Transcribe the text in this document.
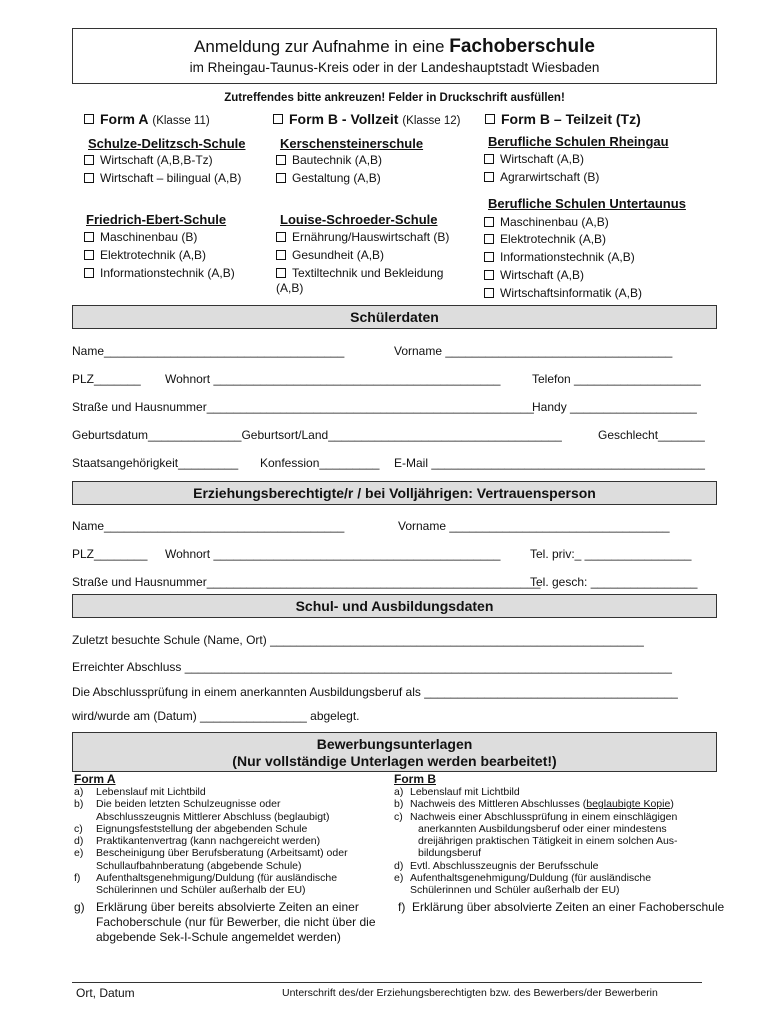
Anmeldung zur Aufnahme in eine Fachoberschule
im Rheingau-Taunus-Kreis oder in der Landeshauptstadt Wiesbaden
Zutreffendes bitte ankreuzen! Felder in Druckschrift ausfüllen!
Form A (Klasse 11)	Form B - Vollzeit (Klasse 12)	Form B – Teilzeit (Tz)
Schulze-Delitzsch-Schule
Wirtschaft (A,B,B-Tz)
Wirtschaft – bilingual (A,B)
Friedrich-Ebert-Schule
Maschinenbau (B)
Elektrotechnik (A,B)
Informationstechnik (A,B)
Kerschensteinerschule
Bautechnik (A,B)
Gestaltung (A,B)
Louise-Schroeder-Schule
Ernährung/Hauswirtschaft (B)
Gesundheit (A,B)
Textiltechnik und Bekleidung
(A,B)
Berufliche Schulen Rheingau
Wirtschaft (A,B)
Agrarwirtschaft (B)
Berufliche Schulen Untertaunus
Maschinenbau (A,B)
Elektrotechnik (A,B)
Informationstechnik (A,B)
Wirtschaft (A,B)
Wirtschaftsinformatik (A,B)
Schülerdaten
Name____________________________________	Vorname __________________________________
PLZ_______ Wohnort ___________________________________________	Telefon ___________________
Straße und Hausnummer_________________________________________________
Handy ___________________
Geburtsdatum______________Geburtsort/Land___________________________________	Geschlecht_______
Staatsangehörigkeit_________ Konfession_________ E-Mail _________________________________________
Erziehungsberechtigte/r / bei Volljährigen: Vertrauensperson
Name____________________________________	Vorname _________________________________
PLZ________ Wohnort ___________________________________________ Tel. priv:_ ________________
Straße und Hausnummer__________________________________________________
Tel. gesch: ________________
Schul- und Ausbildungsdaten
Zuletzt besuchte Schule (Name, Ort) ________________________________________________________
Erreichter Abschluss _________________________________________________________________________
Die Abschlussprüfung in einem anerkannten Ausbildungsberuf als ______________________________________
wird/wurde am (Datum) ________________ abgelegt.
Bewerbungsunterlagen
(Nur vollständige Unterlagen werden bearbeitet!)
Form A	Form B
a)	Lebenslauf mit Lichtbild
b)	Die beiden letzten Schulzeugnisse oder
Abschlusszeugnis Mittlerer Abschluss (beglaubigt)
c)	Eignungsfeststellung der abgebenden Schule
d)	Praktikantenvertrag (kann nachgereicht werden)
e)	Bescheinigung über Berufsberatung (Arbeitsamt) oder
Schullaufbahnberatung (abgebende Schule)
f)	Aufenthaltsgenehmigung/Duldung (für ausländische
Schülerinnen und Schüler außerhalb der EU)
g) Erklärung über bereits absolvierte Zeiten an einer
Fachoberschule (nur für Bewerber, die nicht über die
abgebende Sek-I-Schule angemeldet werden)
a) Lebenslauf mit Lichtbild
b) Nachweis des Mittleren Abschlusses (beglaubigte Kopie)
c) Nachweis einer Abschlussprüfung in einem einschlägigen
anerkannten Ausbildungsberuf oder einer mindestens
dreijährigen praktischen Tätigkeit in einem solchen Aus-
bildungsberuf
d) Evtl. Abschlusszeugnis der Berufsschule
e) Aufenthaltsgenehmigung/Duldung (für ausländische
Schülerinnen und Schüler außerhalb der EU)
f) Erklärung über absolvierte Zeiten an einer Fachoberschule
Ort, Datum	Unterschrift des/der Erziehungsberechtigten bzw. des Bewerbers/der Bewerberin
